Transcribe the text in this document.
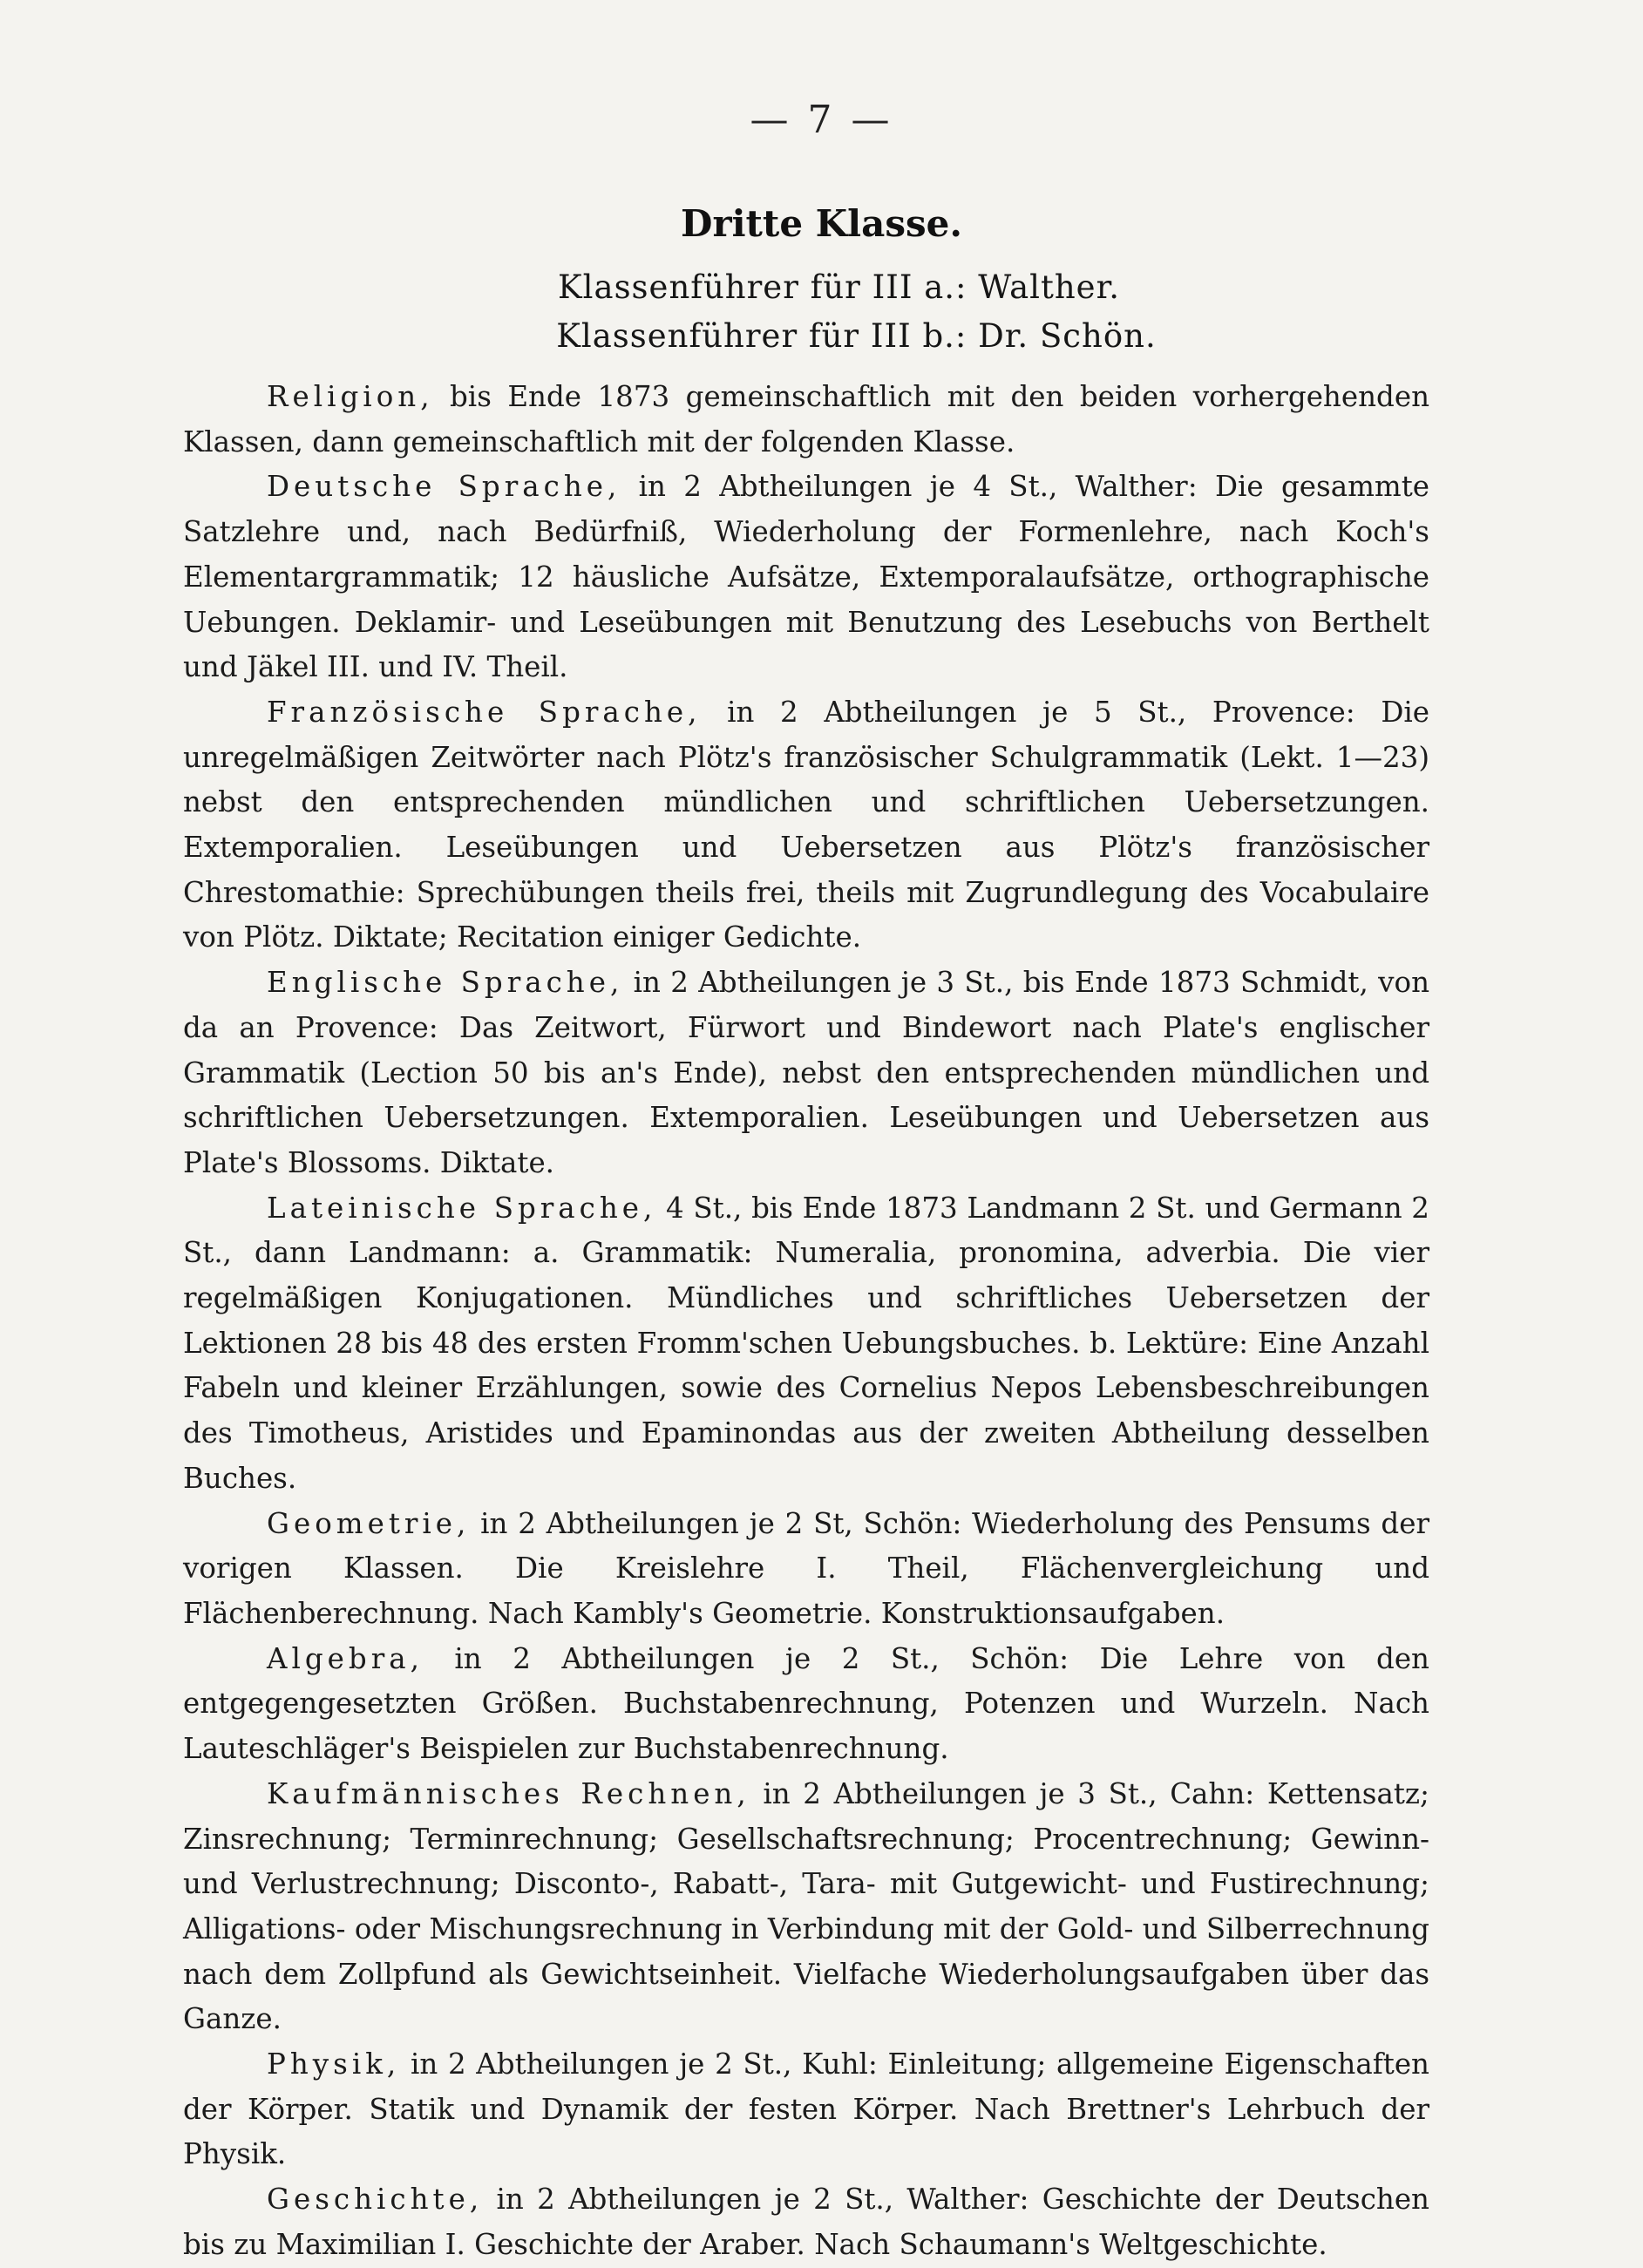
— 7 —
Dritte Klasse.
Klassenführer für III a.: Walther.
Klassenführer für III b.: Dr. Schön.

Religion, bis Ende 1873 gemeinschaftlich mit den beiden vorhergehenden Klassen, dann gemeinschaftlich mit der folgenden Klasse.

Deutsche Sprache, in 2 Abtheilungen je 4 St., Walther: Die gesammte Satzlehre und, nach Bedürfniß, Wiederholung der Formenlehre, nach Koch's Elementargrammatik; 12 häusliche Aufsätze, Extemporalaufsätze, orthographische Uebungen. Deklamir- und Leseübungen mit Benutzung des Lesebuchs von Berthelt und Jäkel III. und IV. Theil.

Französische Sprache, in 2 Abtheilungen je 5 St., Provence: Die unregelmäßigen Zeitwörter nach Plötz's französischer Schulgrammatik (Lekt. 1—23) nebst den entsprechenden mündlichen und schriftlichen Uebersetzungen. Extemporalien. Leseübungen und Uebersetzen aus Plötz's französischer Chrestomathie: Sprechübungen theils frei, theils mit Zugrundlegung des Vocabulaire von Plötz. Diktate; Recitation einiger Gedichte.

Englische Sprache, in 2 Abtheilungen je 3 St., bis Ende 1873 Schmidt, von da an Provence: Das Zeitwort, Fürwort und Bindewort nach Plate's englischer Grammatik (Lection 50 bis an's Ende), nebst den entsprechenden mündlichen und schriftlichen Uebersetzungen. Extemporalien. Leseübungen und Uebersetzen aus Plate's Blossoms. Diktate.

Lateinische Sprache, 4 St., bis Ende 1873 Landmann 2 St. und Germann 2 St., dann Landmann: a. Grammatik: Numeralia, pronomina, adverbia. Die vier regelmäßigen Konjugationen. Mündliches und schriftliches Uebersetzen der Lektionen 28 bis 48 des ersten Fromm'schen Uebungsbuches. b. Lektüre: Eine Anzahl Fabeln und kleiner Erzählungen, sowie des Cornelius Nepos Lebensbeschreibungen des Timotheus, Aristides und Epaminondas aus der zweiten Abtheilung desselben Buches.

Geometrie, in 2 Abtheilungen je 2 St, Schön: Wiederholung des Pensums der vorigen Klassen. Die Kreislehre I. Theil, Flächenvergleichung und Flächenberechnung. Nach Kambly's Geometrie. Konstruktionsaufgaben.

Algebra, in 2 Abtheilungen je 2 St., Schön: Die Lehre von den entgegengesetzten Größen. Buchstabenrechnung, Potenzen und Wurzeln. Nach Lauteschläger's Beispielen zur Buchstabenrechnung.

Kaufmännisches Rechnen, in 2 Abtheilungen je 3 St., Cahn: Kettensatz; Zinsrechnung; Terminrechnung; Gesellschaftsrechnung; Procentrechnung; Gewinn- und Verlustrechnung; Disconto-, Rabatt-, Tara- mit Gutgewicht- und Fustirechnung; Alligations- oder Mischungsrechnung in Verbindung mit der Gold- und Silberrechnung nach dem Zollpfund als Gewichtseinheit. Vielfache Wiederholungsaufgaben über das Ganze.

Physik, in 2 Abtheilungen je 2 St., Kuhl: Einleitung; allgemeine Eigenschaften der Körper. Statik und Dynamik der festen Körper. Nach Brettner's Lehrbuch der Physik.

Geschichte, in 2 Abtheilungen je 2 St., Walther: Geschichte der Deutschen bis zu Maximilian I. Geschichte der Araber. Nach Schaumann's Weltgeschichte.
